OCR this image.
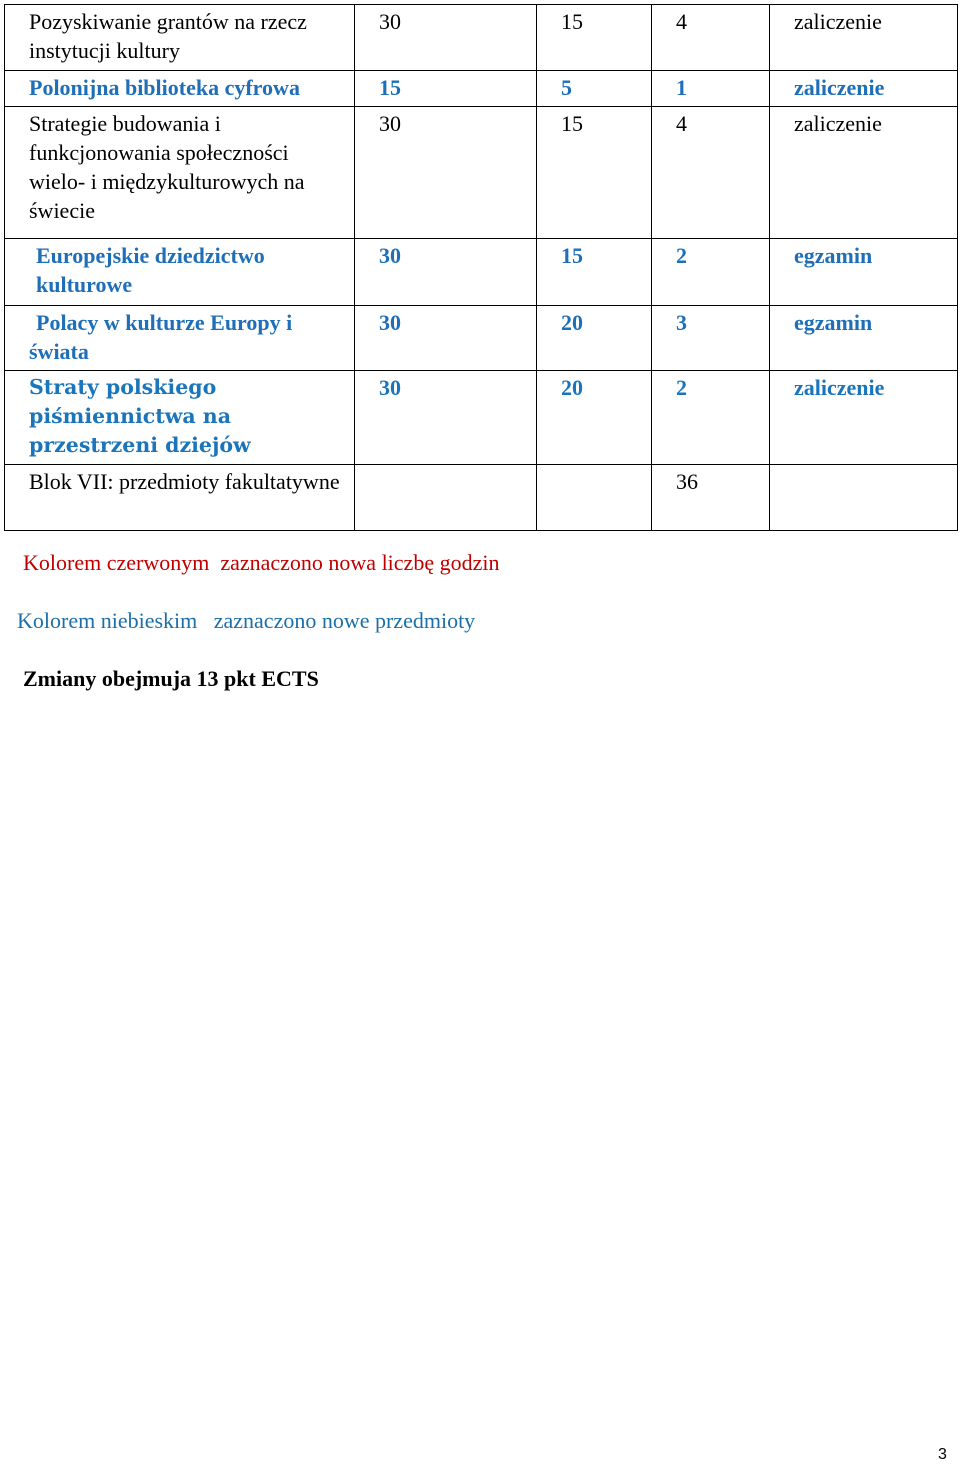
Pozyskiwanie grantów na rzecz instytucji kultury	30	15	4	zaliczenie
Polonijna biblioteka cyfrowa	15	5	1	zaliczenie
Strategie budowania i funkcjonowania społeczności wielo- i międzykulturowych na świecie	30	15	4	zaliczenie
Europejskie dziedzictwo kulturowe	30	15	2	egzamin
Polacy w kulturze Europy i świata	30	20	3	egzamin
Straty polskiego piśmiennictwa na przestrzeni dziejów	30	20	2	zaliczenie
Blok VII: przedmioty fakultatywne			36	
Kolorem czerwonym  zaznaczono nowa liczbę godzin
Kolorem niebieskim   zaznaczono nowe przedmioty
Zmiany obejmuja 13 pkt ECTS
3
